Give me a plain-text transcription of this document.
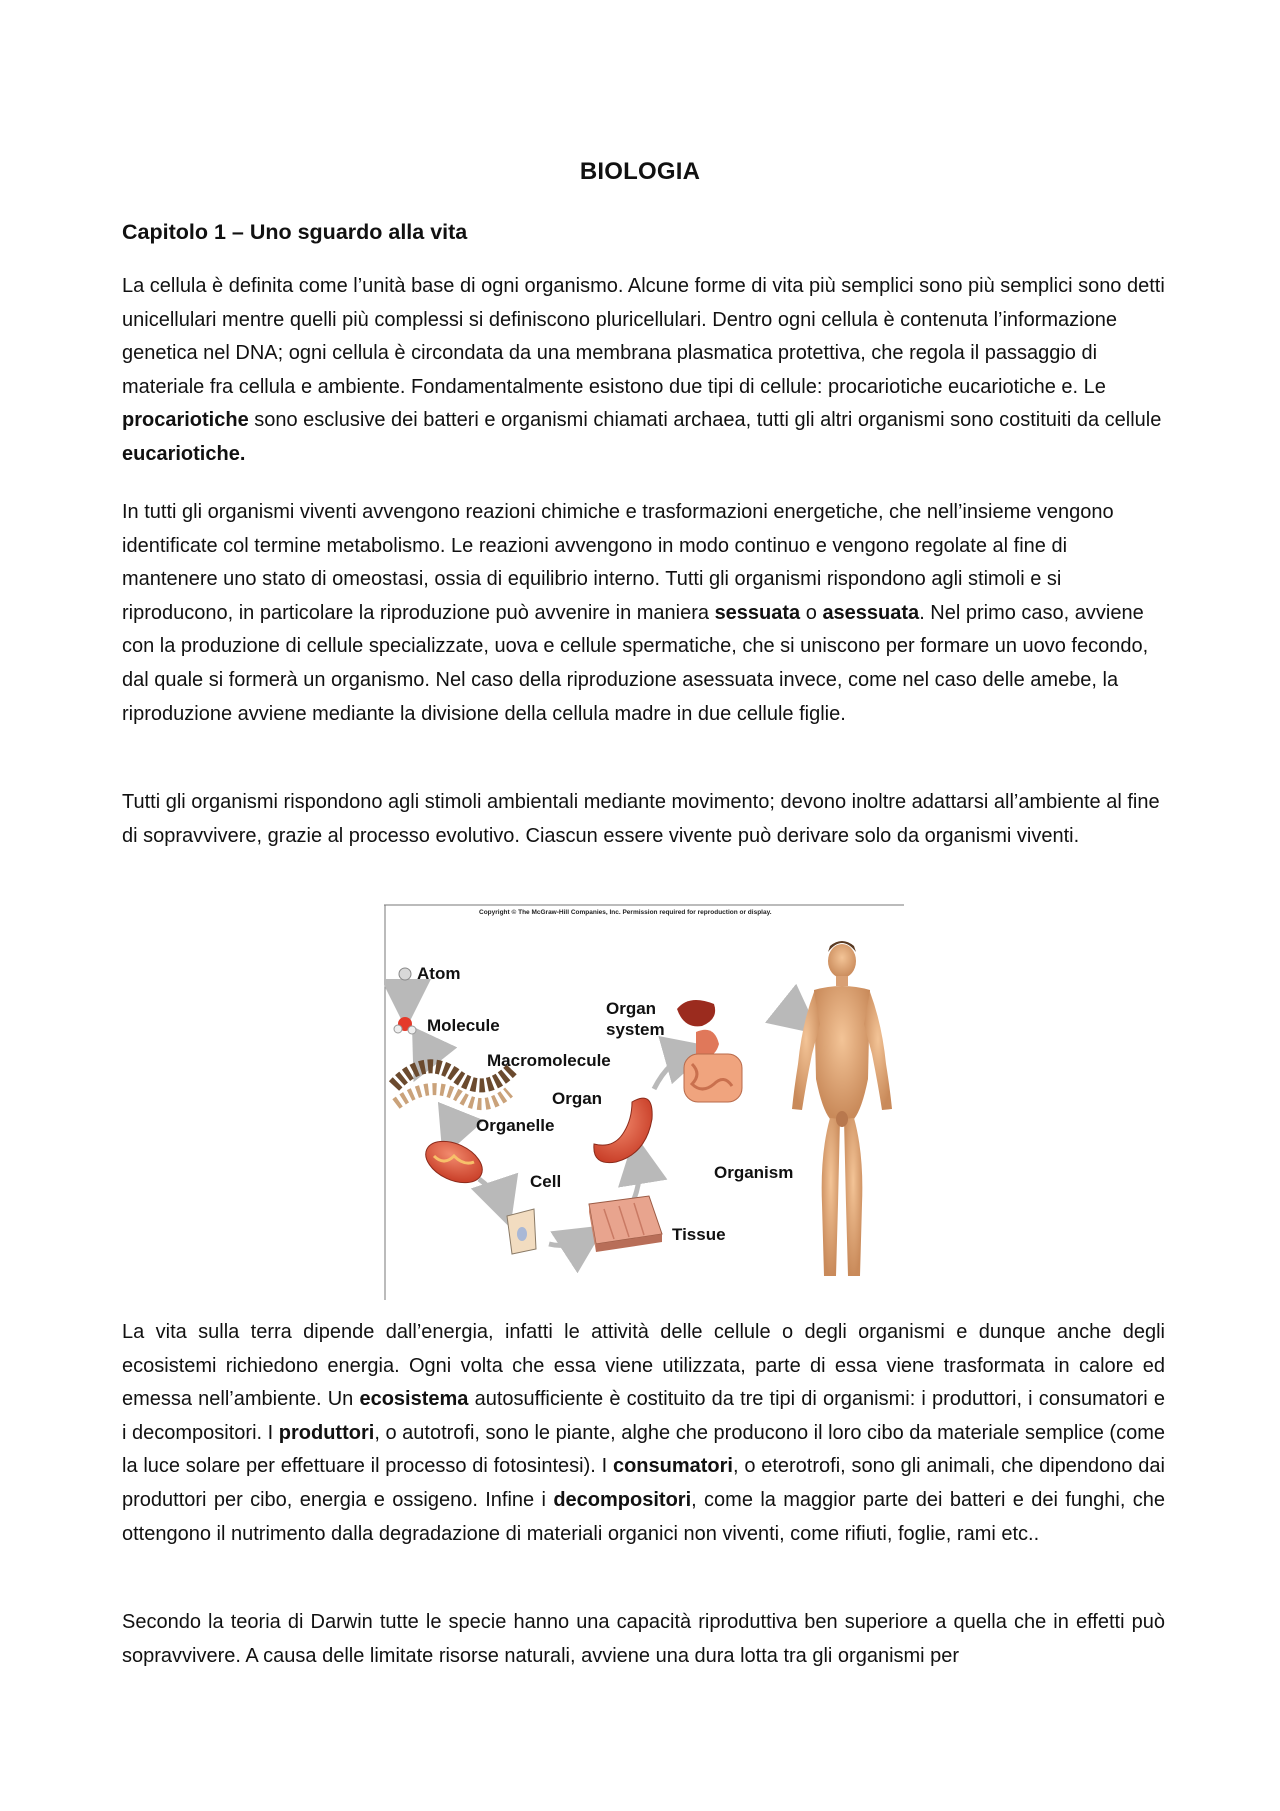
BIOLOGIA
Capitolo 1 – Uno sguardo alla vita

La cellula è definita come l’unità base di ogni organismo. Alcune forme di vita più semplici sono più semplici sono detti unicellulari mentre quelli più complessi si definiscono pluricellulari. Dentro ogni cellula è contenuta l’informazione genetica nel DNA; ogni cellula è circondata da una membrana plasmatica protettiva, che regola il passaggio di materiale fra cellula e ambiente. Fondamentalmente esistono due tipi di cellule: procariotiche eucariotiche e. Le procariotiche sono esclusive dei batteri e organismi chiamati archaea, tutti gli altri organismi sono costituiti da cellule eucariotiche.

In tutti gli organismi viventi avvengono reazioni chimiche e trasformazioni energetiche, che nell’insieme vengono identificate col termine metabolismo. Le reazioni avvengono in modo continuo e vengono regolate al fine di mantenere uno stato di omeostasi, ossia di equilibrio interno. Tutti gli organismi rispondono agli stimoli e si riproducono, in particolare la riproduzione può avvenire in maniera sessuata o asessuata. Nel primo caso, avviene con la produzione di cellule specializzate, uova e cellule spermatiche, che si uniscono per formare un uovo fecondo, dal quale si formerà un organismo. Nel caso della riproduzione asessuata invece, come nel caso delle amebe, la riproduzione avviene mediante la divisione della cellula madre in due cellule figlie.

Tutti gli organismi rispondono agli stimoli ambientali mediante movimento; devono inoltre adattarsi all’ambiente al fine di sopravvivere, grazie al processo evolutivo. Ciascun essere vivente può derivare solo da organismi viventi.

Copyright © The McGraw-Hill Companies, Inc. Permission required for reproduction or display.
Atom
Molecule
Macromolecule
Organelle
Cell
Tissue
Organ
Organ
system
Organism

La vita sulla terra dipende dall’energia, infatti le attività delle cellule o degli organismi e dunque anche degli ecosistemi richiedono energia. Ogni volta che essa viene utilizzata, parte di essa viene trasformata in calore ed emessa nell’ambiente. Un ecosistema autosufficiente è costituito da tre tipi di organismi: i produttori, i consumatori e i decompositori. I produttori, o autotrofi, sono le piante, alghe che producono il loro cibo da materiale semplice (come la luce solare per effettuare il processo di fotosintesi). I consumatori, o eterotrofi, sono gli animali, che dipendono dai produttori per cibo, energia e ossigeno. Infine i decompositori, come la maggior parte dei batteri e dei funghi, che ottengono il nutrimento dalla degradazione di materiali organici non viventi, come rifiuti, foglie, rami etc..

Secondo la teoria di Darwin tutte le specie hanno una capacità riproduttiva ben superiore a quella che in effetti può sopravvivere. A causa delle limitate risorse naturali, avviene una dura lotta tra gli organismi per
